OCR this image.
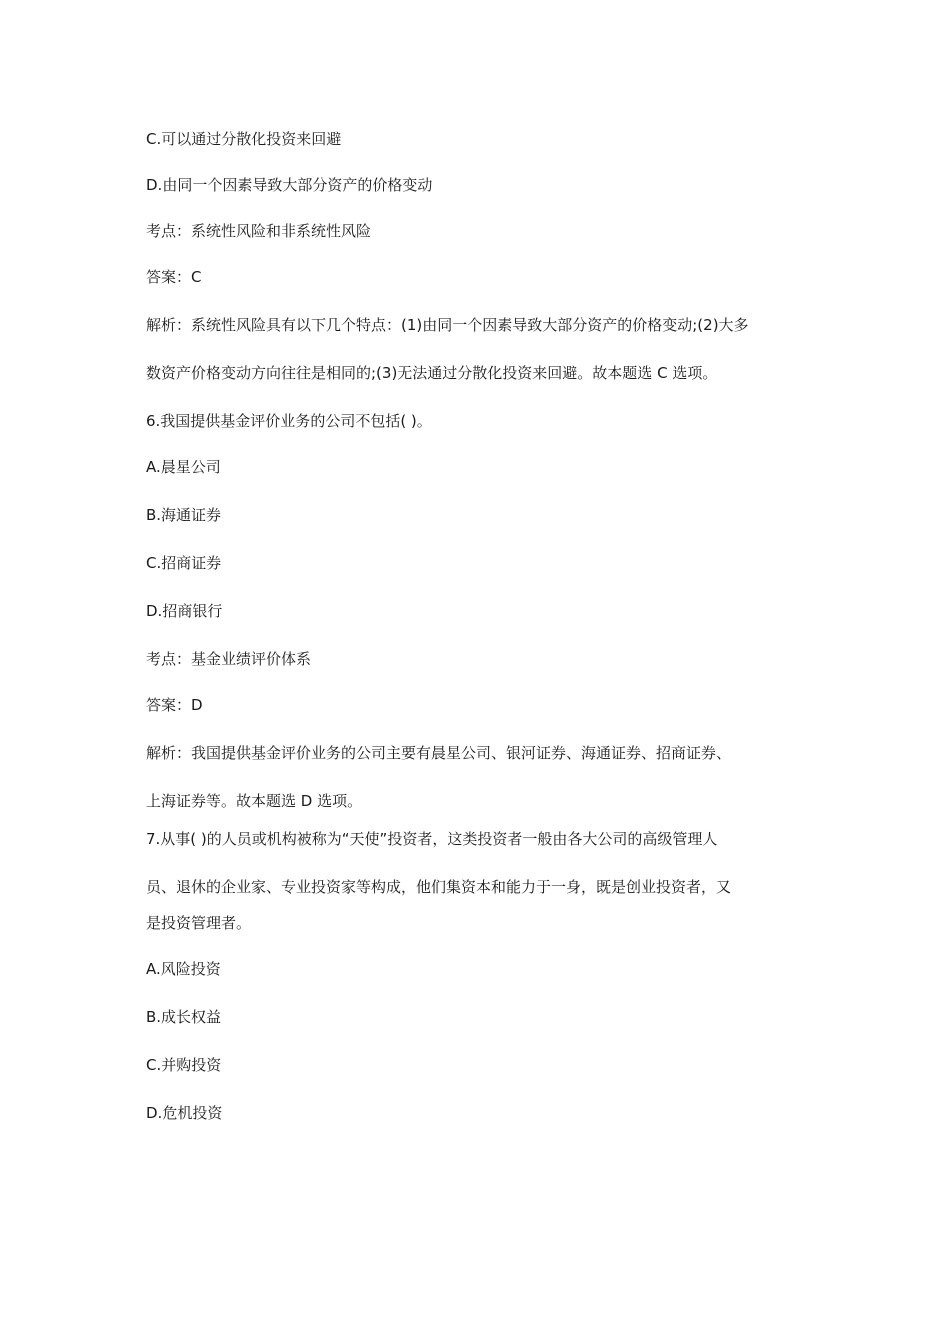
C.可以通过分散化投资来回避

D.由同一个因素导致大部分资产的价格变动

考点：系统性风险和非系统性风险

答案：C

解析：系统性风险具有以下几个特点：(1)由同一个因素导致大部分资产的价格变动;(2)大多

数资产价格变动方向往往是相同的;(3)无法通过分散化投资来回避。故本题选 C 选项。

6.我国提供基金评价业务的公司不包括( )。

A.晨星公司

B.海通证券

C.招商证券

D.招商银行

考点：基金业绩评价体系

答案：D

解析：我国提供基金评价业务的公司主要有晨星公司、银河证券、海通证券、招商证券、

上海证券等。故本题选 D 选项。

7.从事( )的人员或机构被称为“天使”投资者，这类投资者一般由各大公司的高级管理人

员、退休的企业家、专业投资家等构成，他们集资本和能力于一身，既是创业投资者，又

是投资管理者。

A.风险投资

B.成长权益

C.并购投资

D.危机投资
